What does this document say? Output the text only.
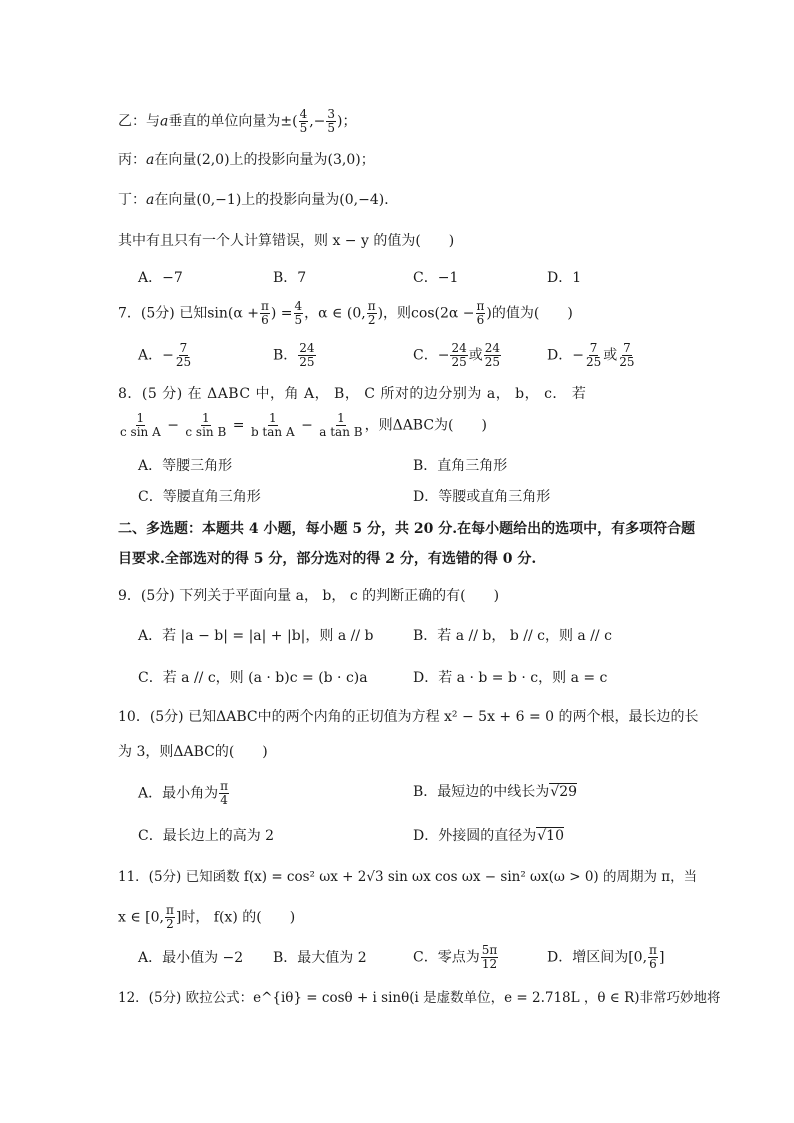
乙：与a垂直的单位向量为±( $\frac{4}{5}$ ,− $\frac{3}{5}$ )；
丙：a在向量(2,0)上的投影向量为(3,0)；
丁：a在向量(0,−1)上的投影向量为(0,−4)．
其中有且只有一个人计算错误，则 x − y 的值为(　　)
A．−7	B．7	C．−1	D．1
7．(5分) 已知$\sin(\alpha + \frac{\pi}{6}$ ) = $\frac{4}{5}$ ，α ∈ (0, $\frac{\pi}{2}$ )，则$\cos(2\alpha - \frac{\pi}{6}$ )的值为(　　)
A．− $\frac{7}{25}$	B． $\frac{24}{25}$	C．− $\frac{24}{25}$ 或 $\frac{24}{25}$	D．− $\frac{7}{25}$ 或 $\frac{7}{25}$
8．(5 分) 在 ΔABC 中，角 A， B， C 所对的边分别为 a， b， c． 若
$\frac{1}{\text{c sin A}} - \frac{1}{\text{c sin B}} = \frac{1}{\text{b tan A}} - \frac{1}{\text{a tan B}}$ ，则ΔABC为(　　)
A．等腰三角形	B．直角三角形
C．等腰直角三角形	D．等腰或直角三角形
二、多选题：本题共 4 小题，每小题 5 分，共 20 分.在每小题给出的选项中，有多项符合题
目要求.全部选对的得 5 分，部分选对的得 2 分，有选错的得 0 分.
9．(5分) 下列关于平面向量 a， b， c 的判断正确的有(　　)
A．若 |a − b| = |a| + |b|，则 a // b	B．若 a // b， b // c，则 a // c
C．若 a // c，则 (a · b)c = (b · c)a	D．若 a · b = b · c，则 a = c
10．(5分) 已知ΔABC中的两个内角的正切值为方程 x² − 5x + 6 = 0 的两个根，最长边的长
为 3，则ΔABC的(　　)
A．最小角为 $\frac{\pi}{4}$	B．最短边的中线长为 √ 29
C．最长边上的高为 2	D．外接圆的直径为 √ 10
11．(5分) 已知函数 f(x) = cos² ωx + 2√3 sin ωx cos ωx − sin² ωx(ω > 0) 的周期为 π，当
x ∈ [0, $\frac{\pi}{2}$ ]时， f(x) 的(　　)
A．最小值为 −2 B．最大值为 2	C．零点为 $\frac{5\pi}{12}$	D．增区间为[0, $\frac{\pi}{6}$ ]
12．(5分) 欧拉公式：e^{iθ} = cosθ + i sinθ(i 是虚数单位，e = 2.718L ，θ ∈ R)非常巧妙地将
